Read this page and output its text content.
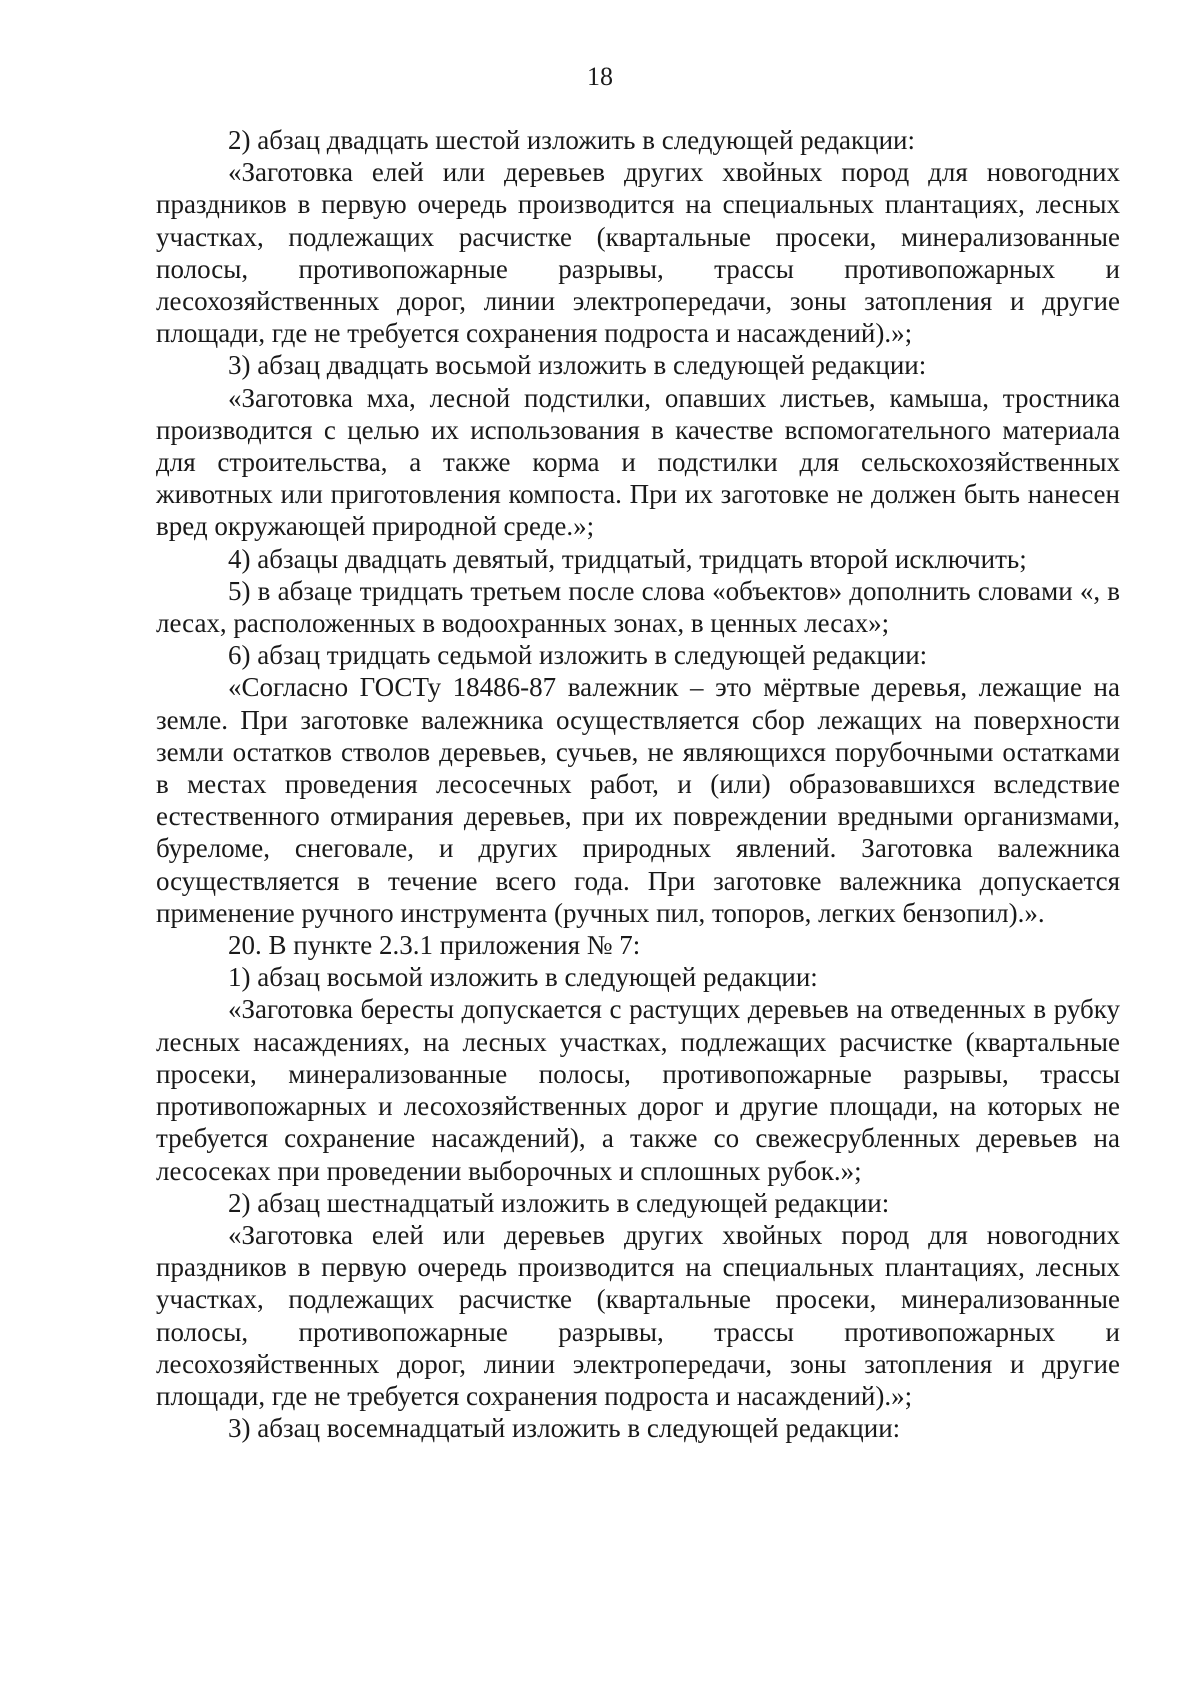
18

2) абзац двадцать шестой изложить в следующей редакции:

«Заготовка елей или деревьев других хвойных пород для новогодних праздников в первую очередь производится на специальных плантациях, лесных участках, подлежащих расчистке (квартальные просеки, минерализованные полосы, противопожарные разрывы, трассы противопожарных и лесохозяйственных дорог, линии электропередачи, зоны затопления и другие площади, где не требуется сохранения подроста и насаждений).»;

3) абзац двадцать восьмой изложить в следующей редакции:

«Заготовка мха, лесной подстилки, опавших листьев, камыша, тростника производится с целью их использования в качестве вспомогательного материала для строительства, а также корма и подстилки для сельскохозяйственных животных или приготовления компоста. При их заготовке не должен быть нанесен вред окружающей природной среде.»;

4) абзацы двадцать девятый, тридцатый, тридцать второй исключить;

5) в абзаце тридцать третьем после слова «объектов» дополнить словами «, в лесах, расположенных в водоохранных зонах, в ценных лесах»;

6) абзац тридцать седьмой изложить в следующей редакции:

«Согласно ГОСТу 18486-87 валежник – это мёртвые деревья, лежащие на земле. При заготовке валежника осуществляется сбор лежащих на поверхности земли остатков стволов деревьев, сучьев, не являющихся порубочными остатками в местах проведения лесосечных работ, и (или) образовавшихся вследствие естественного отмирания деревьев, при их повреждении вредными организмами, буреломе, снеговале, и других природных явлений. Заготовка валежника осуществляется в течение всего года. При заготовке валежника допускается применение ручного инструмента (ручных пил, топоров, легких бензопил).».

20. В пункте 2.3.1 приложения № 7:

1) абзац восьмой изложить в следующей редакции:

«Заготовка бересты допускается с растущих деревьев на отведенных в рубку лесных насаждениях, на лесных участках, подлежащих расчистке (квартальные просеки, минерализованные полосы, противопожарные разрывы, трассы противопожарных и лесохозяйственных дорог и другие площади, на которых не требуется сохранение насаждений), а также со свежесрубленных деревьев на лесосеках при проведении выборочных и сплошных рубок.»;

2) абзац шестнадцатый изложить в следующей редакции:

«Заготовка елей или деревьев других хвойных пород для новогодних праздников в первую очередь производится на специальных плантациях, лесных участках, подлежащих расчистке (квартальные просеки, минерализованные полосы, противопожарные разрывы, трассы противопожарных и лесохозяйственных дорог, линии электропередачи, зоны затопления и другие площади, где не требуется сохранения подроста и насаждений).»;

3) абзац восемнадцатый изложить в следующей редакции:
